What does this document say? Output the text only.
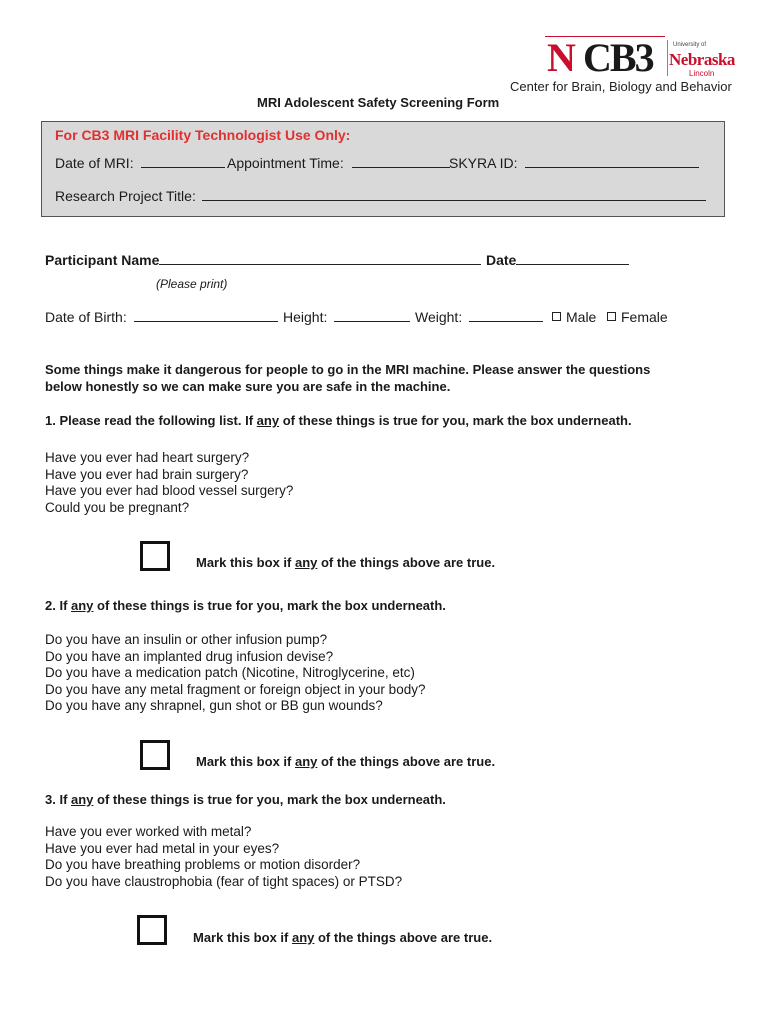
N CB3	University of
Nebraska
Lincoln
Center for Brain, Biology and Behavior
MRI Adolescent Safety Screening Form
For CB3 MRI Facility Technologist Use Only:
Date of MRI:	Appointment Time:	SKYRA ID:
Research Project Title:
Participant Name	Date
(Please print)
Date of Birth:	Height:	Weight:	Male	Female
Some things make it dangerous for people to go in the MRI machine. Please answer the questions
below honestly so we can make sure you are safe in the machine.
1. Please read the following list. If any of these things is true for you, mark the box underneath.
Have you ever had heart surgery?
Have you ever had brain surgery?
Have you ever had blood vessel surgery?
Could you be pregnant?
Mark this box if any of the things above are true.
2. If any of these things is true for you, mark the box underneath.
Do you have an insulin or other infusion pump?
Do you have an implanted drug infusion devise?
Do you have a medication patch (Nicotine, Nitroglycerine, etc)
Do you have any metal fragment or foreign object in your body?
Do you have any shrapnel, gun shot or BB gun wounds?
Mark this box if any of the things above are true.
3. If any of these things is true for you, mark the box underneath.
Have you ever worked with metal?
Have you ever had metal in your eyes?
Do you have breathing problems or motion disorder?
Do you have claustrophobia (fear of tight spaces) or PTSD?
Mark this box if any of the things above are true.
